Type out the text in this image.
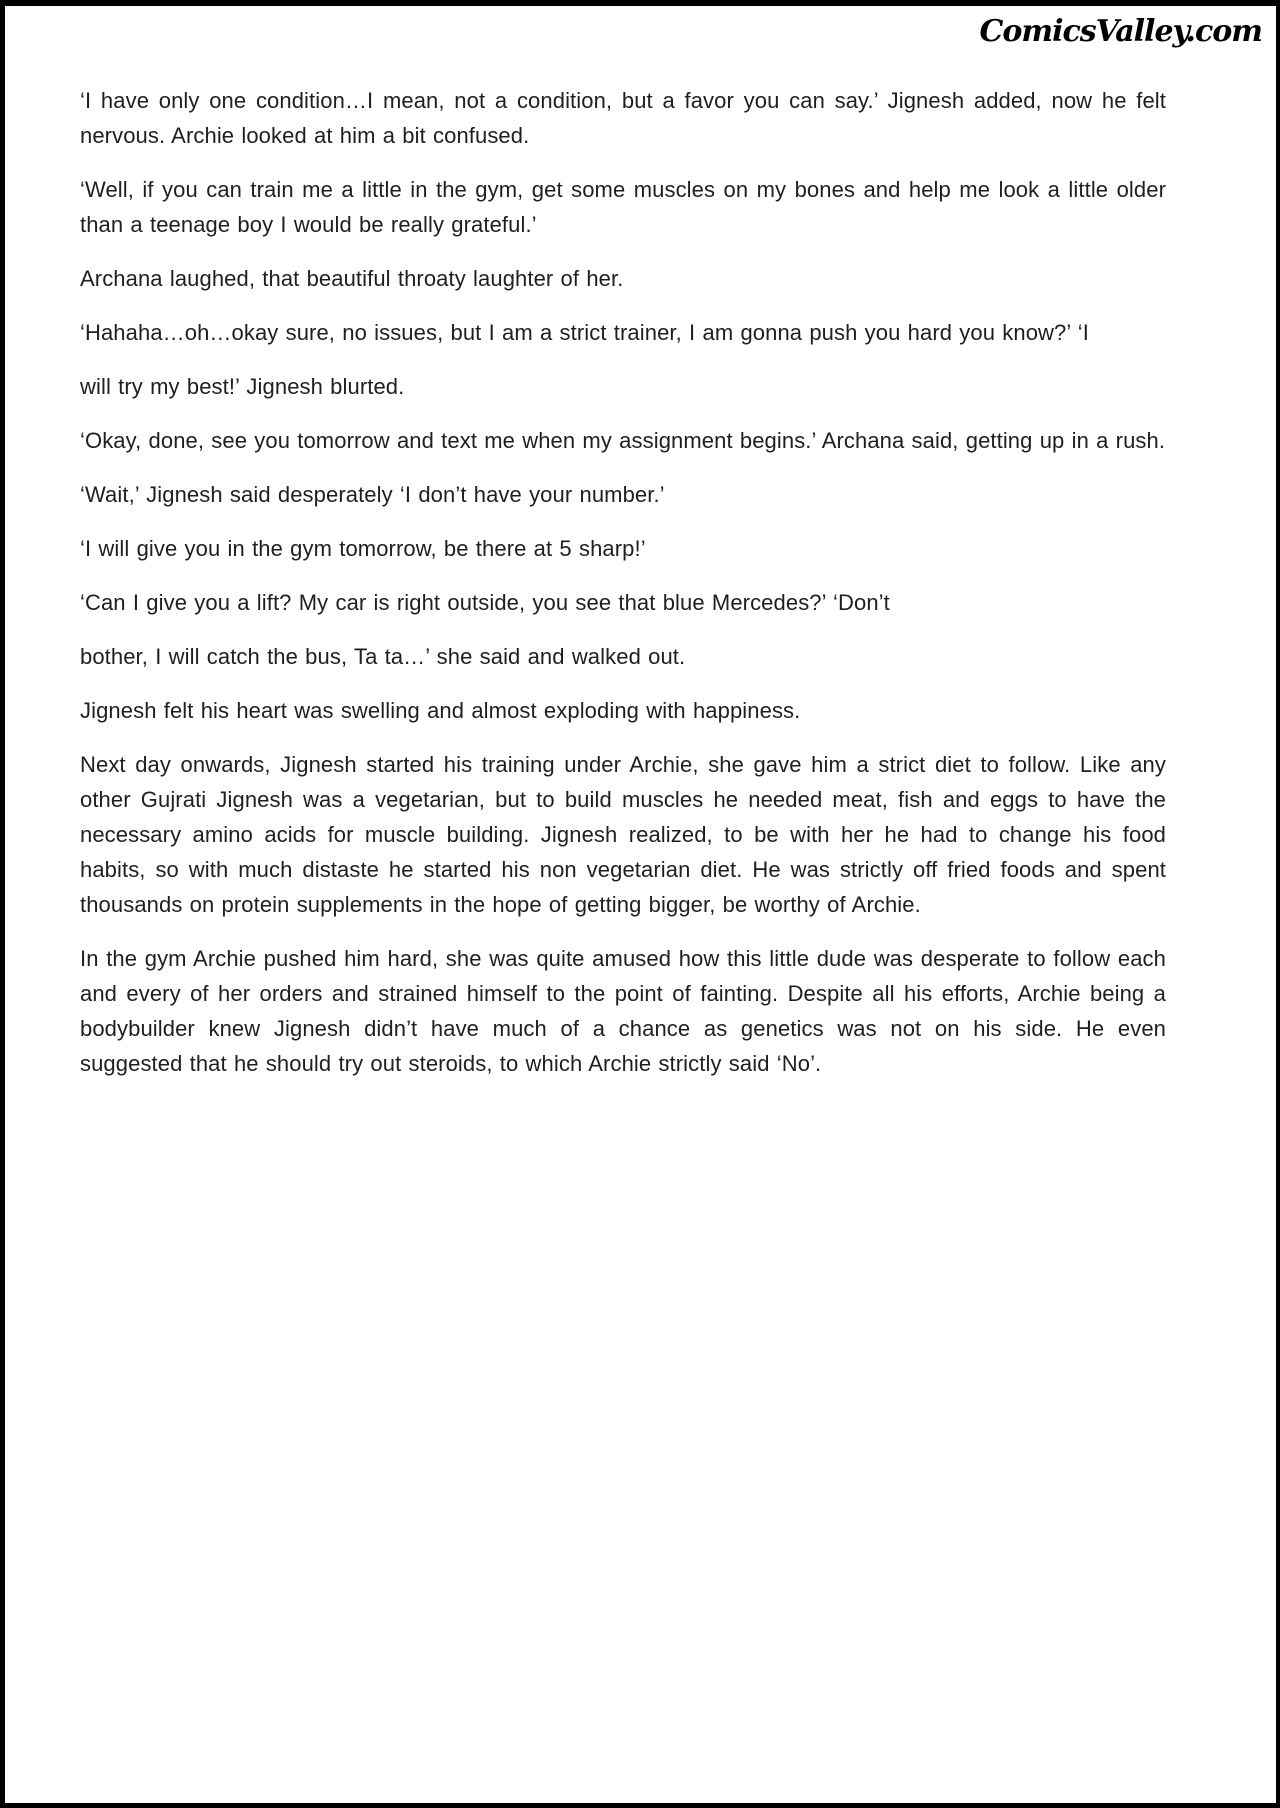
ComicsValley.com

‘I have only one condition…I mean, not a condition, but a favor you can say.’ Jignesh added, now he felt nervous. Archie looked at him a bit confused.

‘Well, if you can train me a little in the gym, get some muscles on my bones and help me look a little older than a teenage boy I would be really grateful.’

Archana laughed, that beautiful throaty laughter of her.

‘Hahaha…oh…okay sure, no issues, but I am a strict trainer, I am gonna push you hard you know?’ ‘I

will try my best!’ Jignesh blurted.

‘Okay, done, see you tomorrow and text me when my assignment begins.’ Archana said, getting up in a rush.

‘Wait,’ Jignesh said desperately ‘I don’t have your number.’

‘I will give you in the gym tomorrow, be there at 5 sharp!’

‘Can I give you a lift? My car is right outside, you see that blue Mercedes?’ ‘Don’t

bother, I will catch the bus, Ta ta…’ she said and walked out.

Jignesh felt his heart was swelling and almost exploding with happiness.

Next day onwards, Jignesh started his training under Archie, she gave him a strict diet to follow. Like any other Gujrati Jignesh was a vegetarian, but to build muscles he needed meat, fish and eggs to have the necessary amino acids for muscle building. Jignesh realized, to be with her he had to change his food habits, so with much distaste he started his non vegetarian diet. He was strictly off fried foods and spent thousands on protein supplements in the hope of getting bigger, be worthy of Archie.

In the gym Archie pushed him hard, she was quite amused how this little dude was desperate to follow each and every of her orders and strained himself to the point of fainting. Despite all his efforts, Archie being a bodybuilder knew Jignesh didn’t have much of a chance as genetics was not on his side. He even suggested that he should try out steroids, to which Archie strictly said ‘No’.
